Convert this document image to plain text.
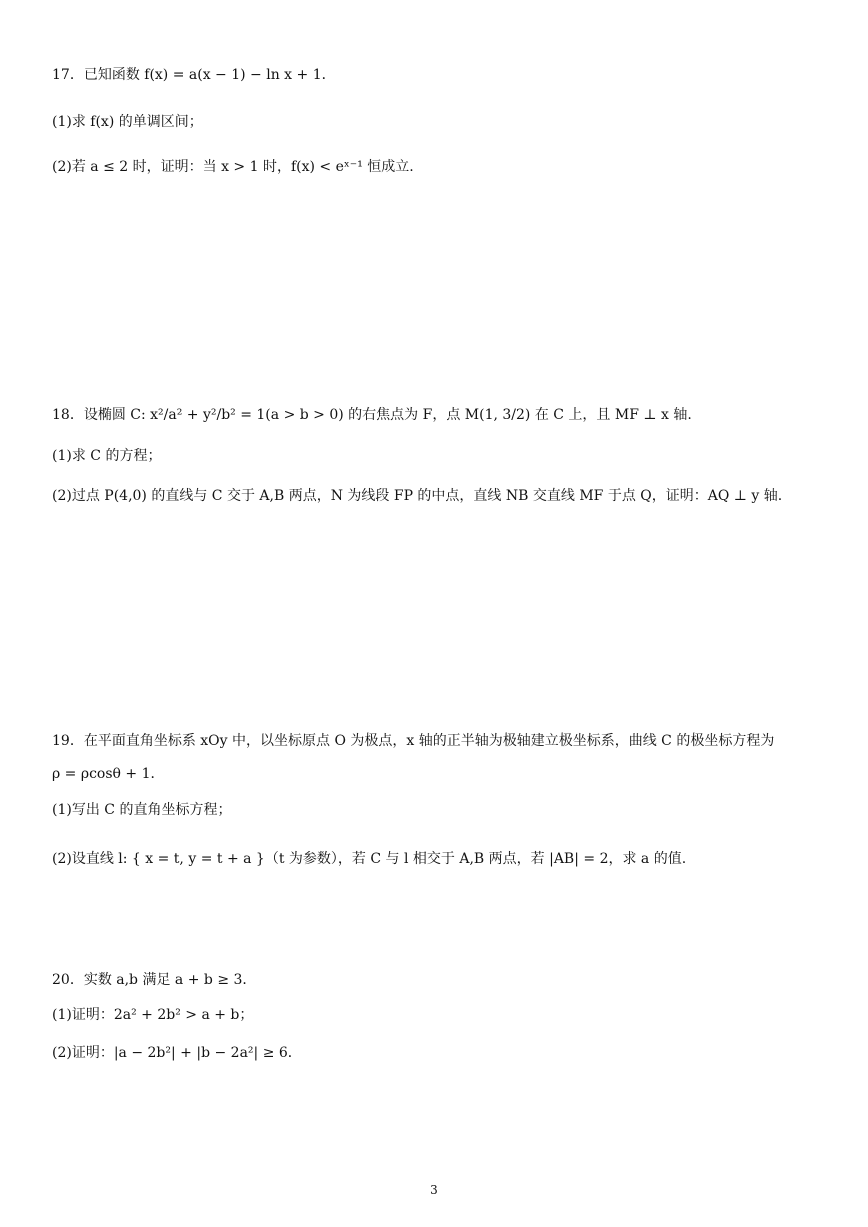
17．已知函数 f(x) = a(x − 1) − ln x + 1．
(1)求 f(x) 的单调区间；
(2)若 a ≤ 2 时，证明：当 x > 1 时，f(x) < eˣ⁻¹ 恒成立.
18．设椭圆 C: x²/a² + y²/b² = 1(a > b > 0) 的右焦点为 F，点 M(1, 3/2) 在 C 上，且 MF ⊥ x 轴.
(1)求 C 的方程；
(2)过点 P(4,0) 的直线与 C 交于 A,B 两点，N 为线段 FP 的中点，直线 NB 交直线 MF 于点 Q，证明：AQ ⊥ y 轴.
19．在平面直角坐标系 xOy 中，以坐标原点 O 为极点，x 轴的正半轴为极轴建立极坐标系，曲线 C 的极坐标方程为
ρ = ρcosθ + 1．
(1)写出 C 的直角坐标方程；
(2)设直线 l: { x = t, y = t + a }（t 为参数），若 C 与 l 相交于 A,B 两点，若 |AB| = 2，求 a 的值.
20．实数 a,b 满足 a + b ≥ 3．
(1)证明：2a² + 2b² > a + b；
(2)证明：|a − 2b²| + |b − 2a²| ≥ 6．
3
